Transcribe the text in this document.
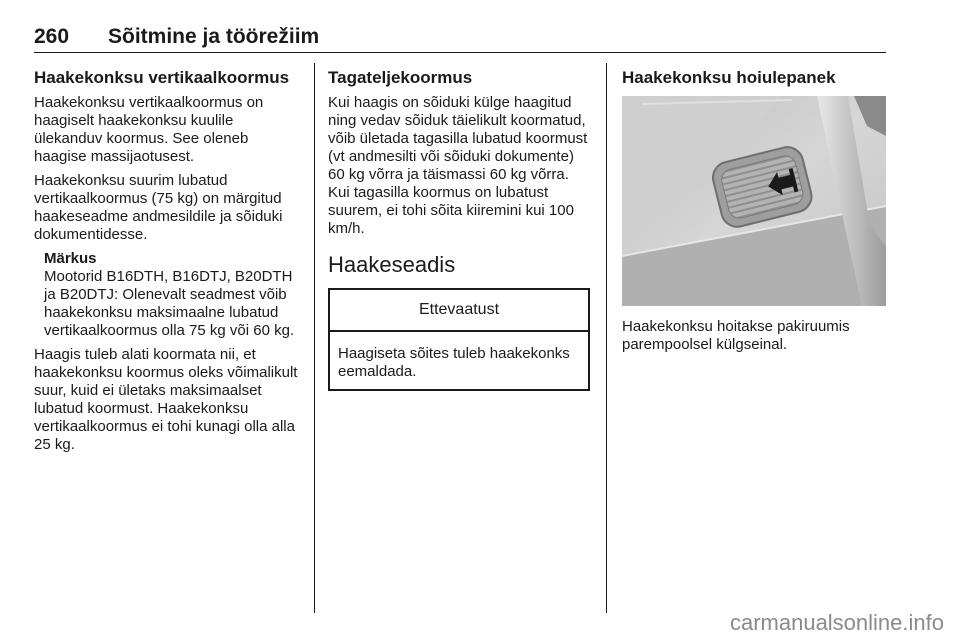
260 Sõitmine ja töörežiim
Haakekonksu vertikaalkoormus

Haakekonksu vertikaalkoormus on haagiselt haakekonksu kuulile ülekanduv koormus. See oleneb haagise massijaotusest.

Haakekonksu suurim lubatud vertikaalkoormus (75 kg) on märgitud haakeseadme andmesildile ja sõiduki dokumentidesse.

Märkus
Mootorid B16DTH, B16DTJ, B20DTH ja B20DTJ: Olenevalt seadmest võib haakekonksu maksimaalne lubatud vertikaalkoormus olla 75 kg või 60 kg.

Haagis tuleb alati koormata nii, et haakekonksu koormus oleks võimalikult suur, kuid ei ületaks maksimaalset lubatud koormust. Haakekonksu vertikaalkoormus ei tohi kunagi olla alla 25 kg.

Tagateljekoormus

Kui haagis on sõiduki külge haagitud ning vedav sõiduk täielikult koormatud, võib ületada tagasilla lubatud koormust (vt andmesilti või sõiduki dokumente) 60 kg võrra ja täismassi 60 kg võrra. Kui tagasilla koormus on lubatust suurem, ei tohi sõita kiiremini kui 100 km/h.

Haakeseadis
Ettevaatust
Haagiseta sõites tuleb haakekonks eemaldada.
Haakekonksu hoiulepanek

Haakekonksu hoitakse pakiruumis parempoolsel külgseinal.

carmanualsonline.info
